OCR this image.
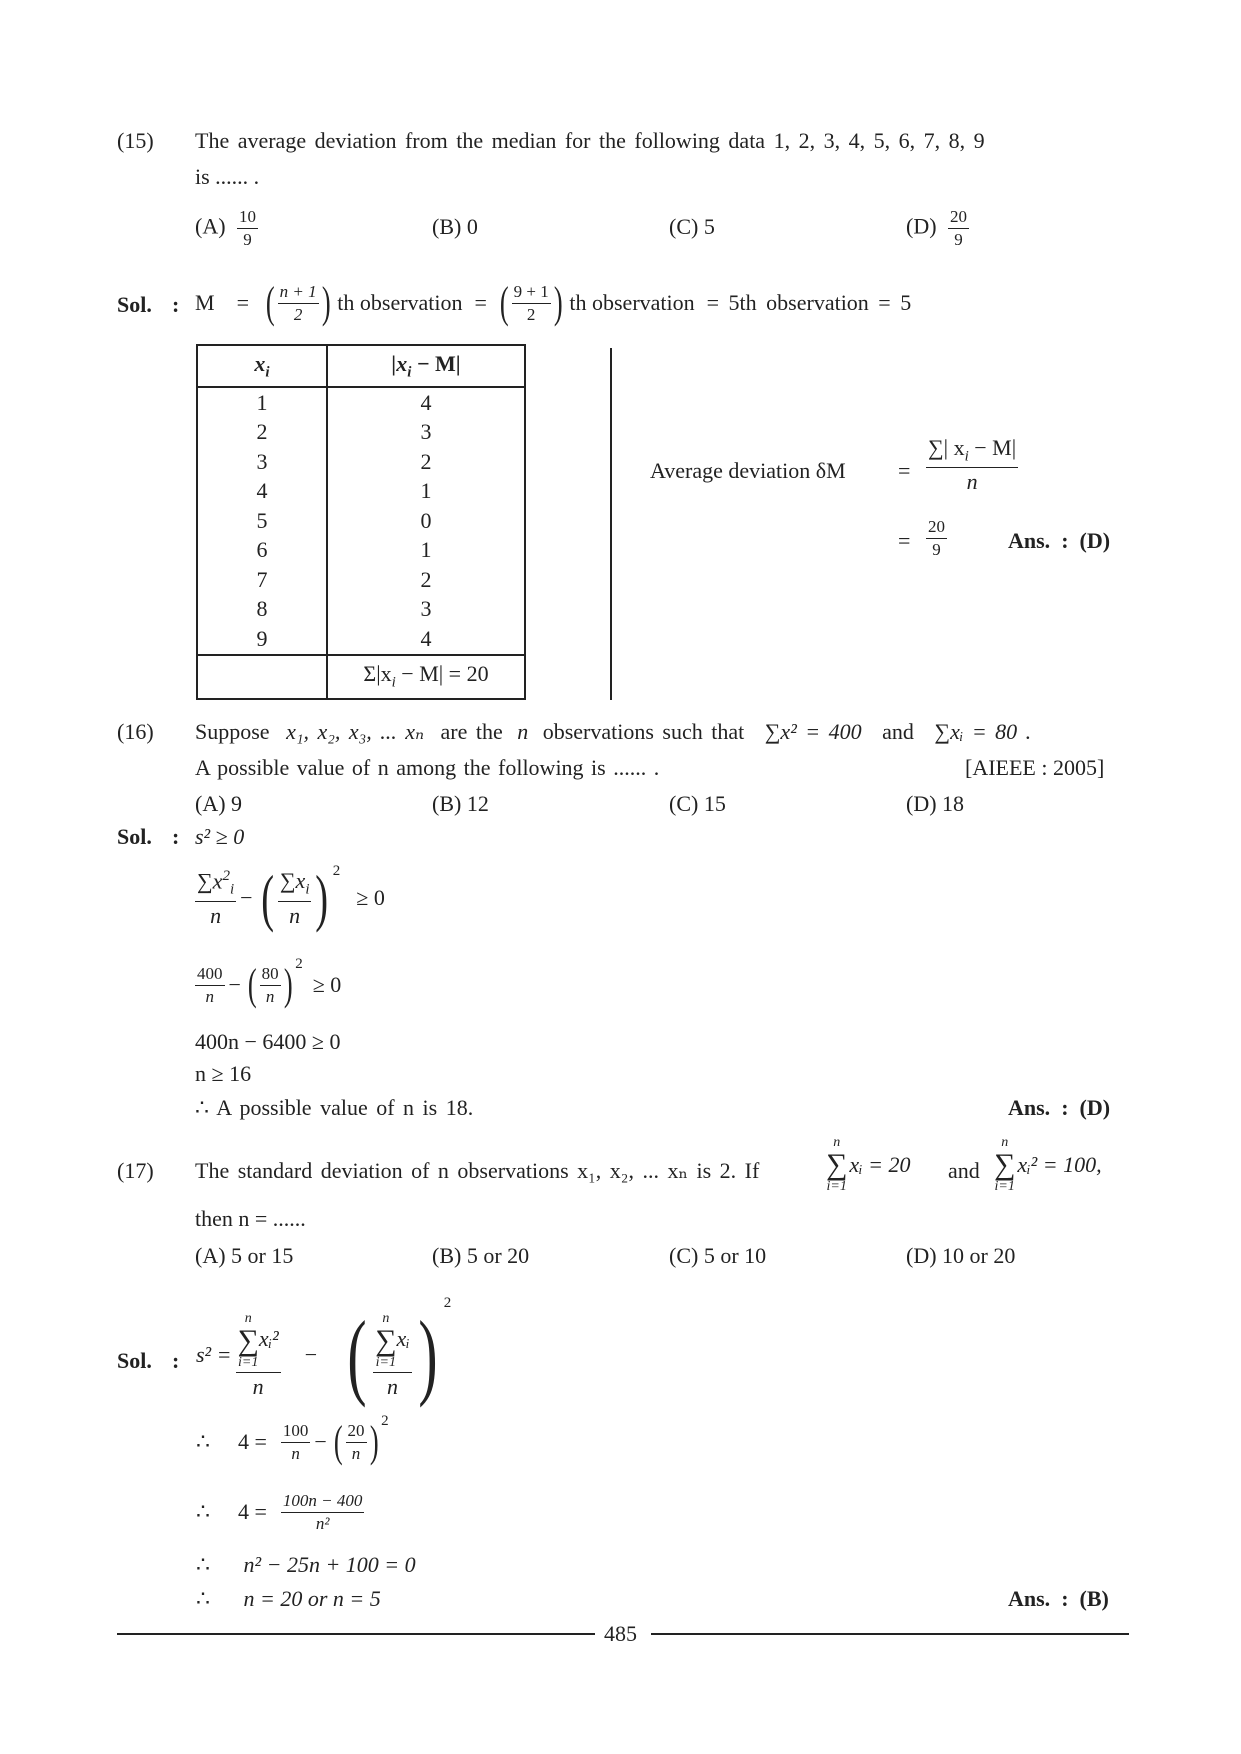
(15) The average deviation from the median for the following data 1, 2, 3, 4, 5, 6, 7, 8, 9
is ...... .
$(A) \frac{10}{9}$	(B) 0	(C) 5	$(D) \frac{20}{9}$
Sol. : M = ( $\frac{n + 1}{2}$ ) th observation = ( $\frac{9 + 1}{2}$ ) th observation = 5th observation = 5
$x_i$	$|x_i - M|$
1	4
2	3
3	2
4	1
5	0
6	1
7	2
8	3
9	4
	$\Sigma|x_i - M| = 20$
Average deviation $\delta M = \frac{\sum| x_i - M|}{n}$
= $\frac{20}{9}$	Ans. : (D)
(16) Suppose x₁, x₂, x₃, ... xₙ are the n observations such that ∑x² = 400 and ∑xᵢ = 80 .
A possible value of n among the following is ...... .	[AIEEE : 2005]
(A) 9	(B) 12	(C) 15	(D) 18
Sol. : s² ≥ 0
$\frac{\sum x^2_i}{n}$ − ( $\frac{\sum x_i}{n}$ ) 2
≥ 0
$\frac{400}{n}$ − ( $\frac{80}{n}$ ) 2
≥ 0
400n − 6400 ≥ 0
n ≥ 16
∴ A possible value of n is 18.	Ans. : (D)
(17) The standard deviation of n observations x₁, x₂, ... xₙ is 2. If
n
∑
i=1
xᵢ = 20 and
n
∑
i=1
xᵢ² = 100,
then n = ......
(A) 5 or 15	(B) 5 or 20	(C) 5 or 10	(D) 10 or 20
Sol. : s² = n
∑
i=1
xᵢ²
n − ( n
∑
i=1
xᵢ
n ) 2
∴ $4 = \frac{100}{n}$ − ( $\frac{20}{n}$ ) 2
∴ $4 = \frac{100n - 400}{\text{n²}}$
∴ n² − 25n + 100 = 0
∴ n = 20 or n = 5	Ans. : (B)
485
